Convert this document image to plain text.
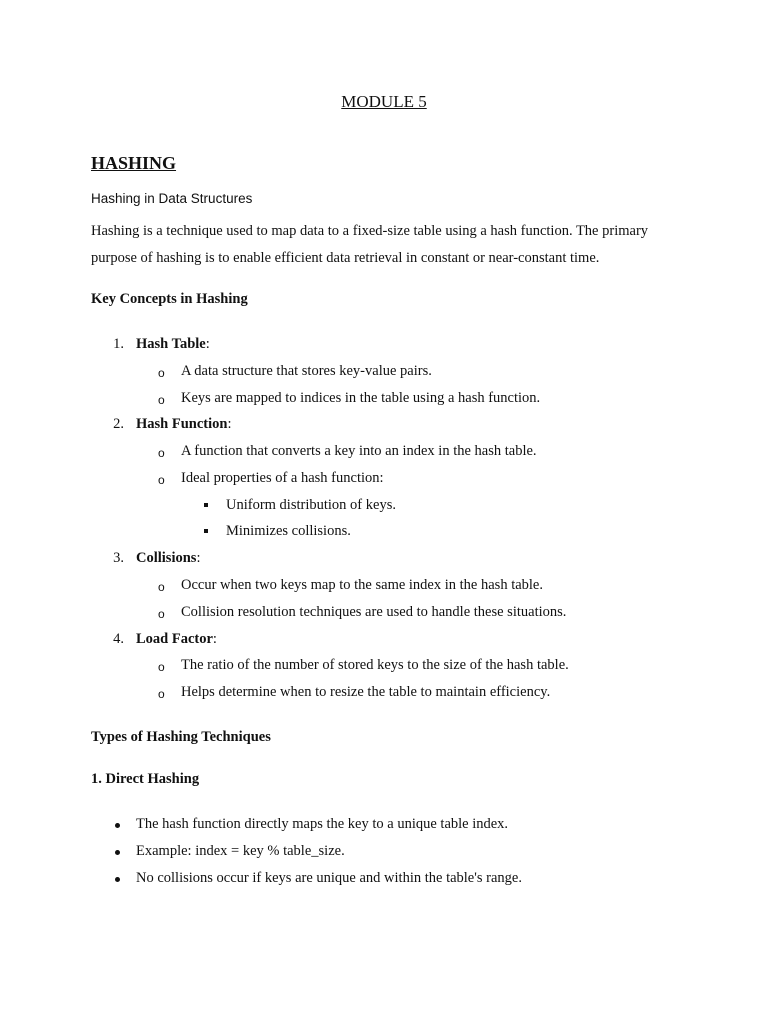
MODULE 5
HASHING

Hashing in Data Structures

Hashing is a technique used to map data to a fixed-size table using a hash function. The primary
purpose of hashing is to enable efficient data retrieval in constant or near-constant time.

Key Concepts in Hashing

1. Hash Table:
o A data structure that stores key-value pairs.
o Keys are mapped to indices in the table using a hash function.
2. Hash Function:
o A function that converts a key into an index in the hash table.
o Ideal properties of a hash function:
Uniform distribution of keys.
Minimizes collisions.
3. Collisions:
o Occur when two keys map to the same index in the hash table.
o Collision resolution techniques are used to handle these situations.
4. Load Factor:
o The ratio of the number of stored keys to the size of the hash table.
o Helps determine when to resize the table to maintain efficiency.

Types of Hashing Techniques

1. Direct Hashing

The hash function directly maps the key to a unique table index.
Example: index = key % table_size.
No collisions occur if keys are unique and within the table's range.
